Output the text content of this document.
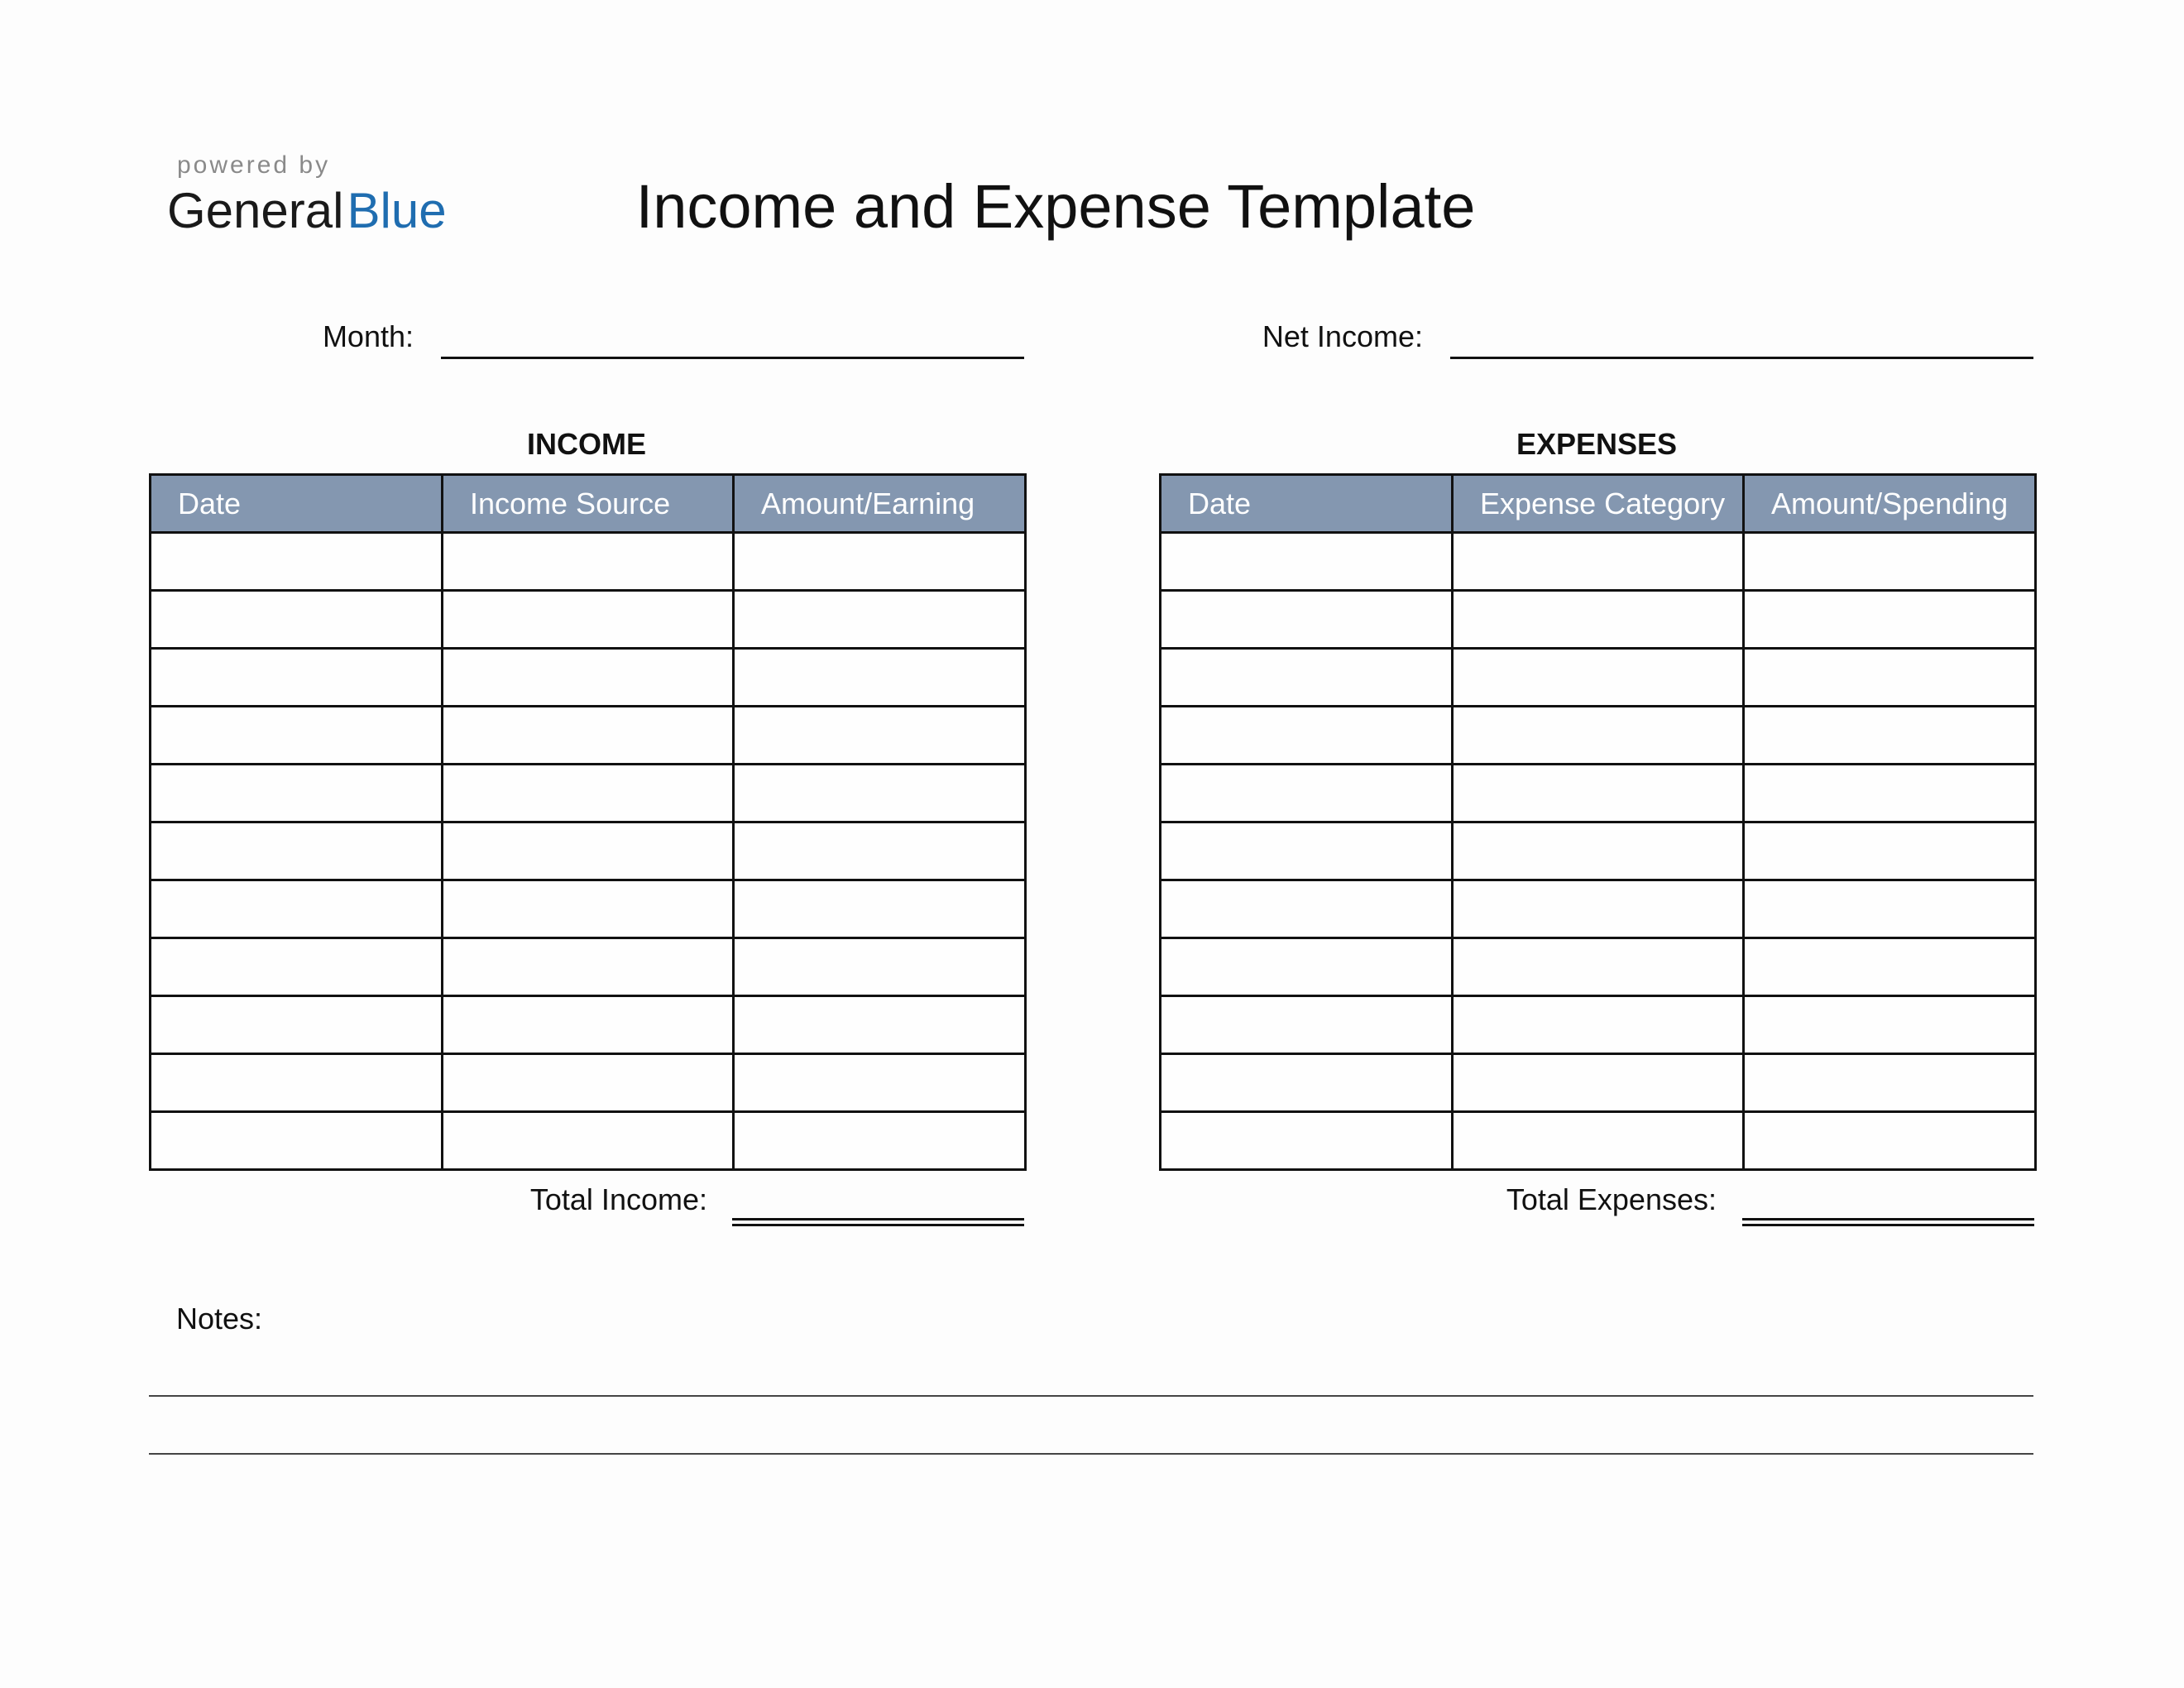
powered by
GeneralBlue	Income and Expense Template
Month:	Net Income:
INCOME	EXPENSES
Date	Income Source	Amount/Earning

			Date	Expense Category	Amount/Spending

Total Income:	Total Expenses:
Notes:
